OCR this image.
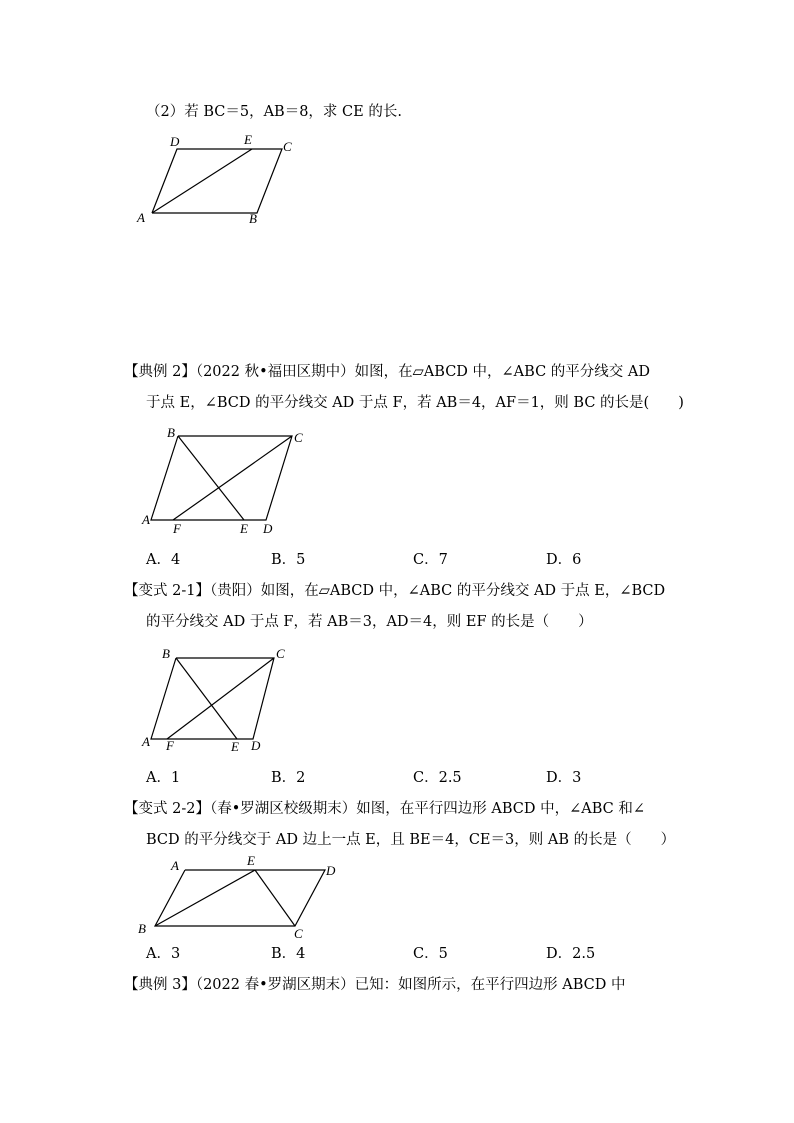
（2）若 BC＝5，AB＝8，求 CE 的长.
D	E C
A	B
【典例 2】（2022 秋•福田区期中）如图，在▱ABCD 中，∠ABC 的平分线交 AD
于点 E，∠BCD 的平分线交 AD 于点 F，若 AB＝4，AF＝1，则 BC 的长是(　　)
B	C
A
F	E D
A．4	B．5	C．7	D．6
【变式 2-1】（贵阳）如图，在▱ABCD 中，∠ABC 的平分线交 AD 于点 E，∠BCD
的平分线交 AD 于点 F，若 AB＝3，AD＝4，则 EF 的长是（　　）
B	C
A F	E D
A．1	B．2	C．2.5	D．3
【变式 2-2】（春•罗湖区校级期末）如图，在平行四边形 ABCD 中，∠ABC 和∠
BCD 的平分线交于 AD 边上一点 E，且 BE＝4，CE＝3，则 AB 的长是（　　）
A	E
D
B	C
A．3	B．4	C．5	D．2.5
【典例 3】（2022 春•罗湖区期末）已知：如图所示，在平行四边形 ABCD 中
